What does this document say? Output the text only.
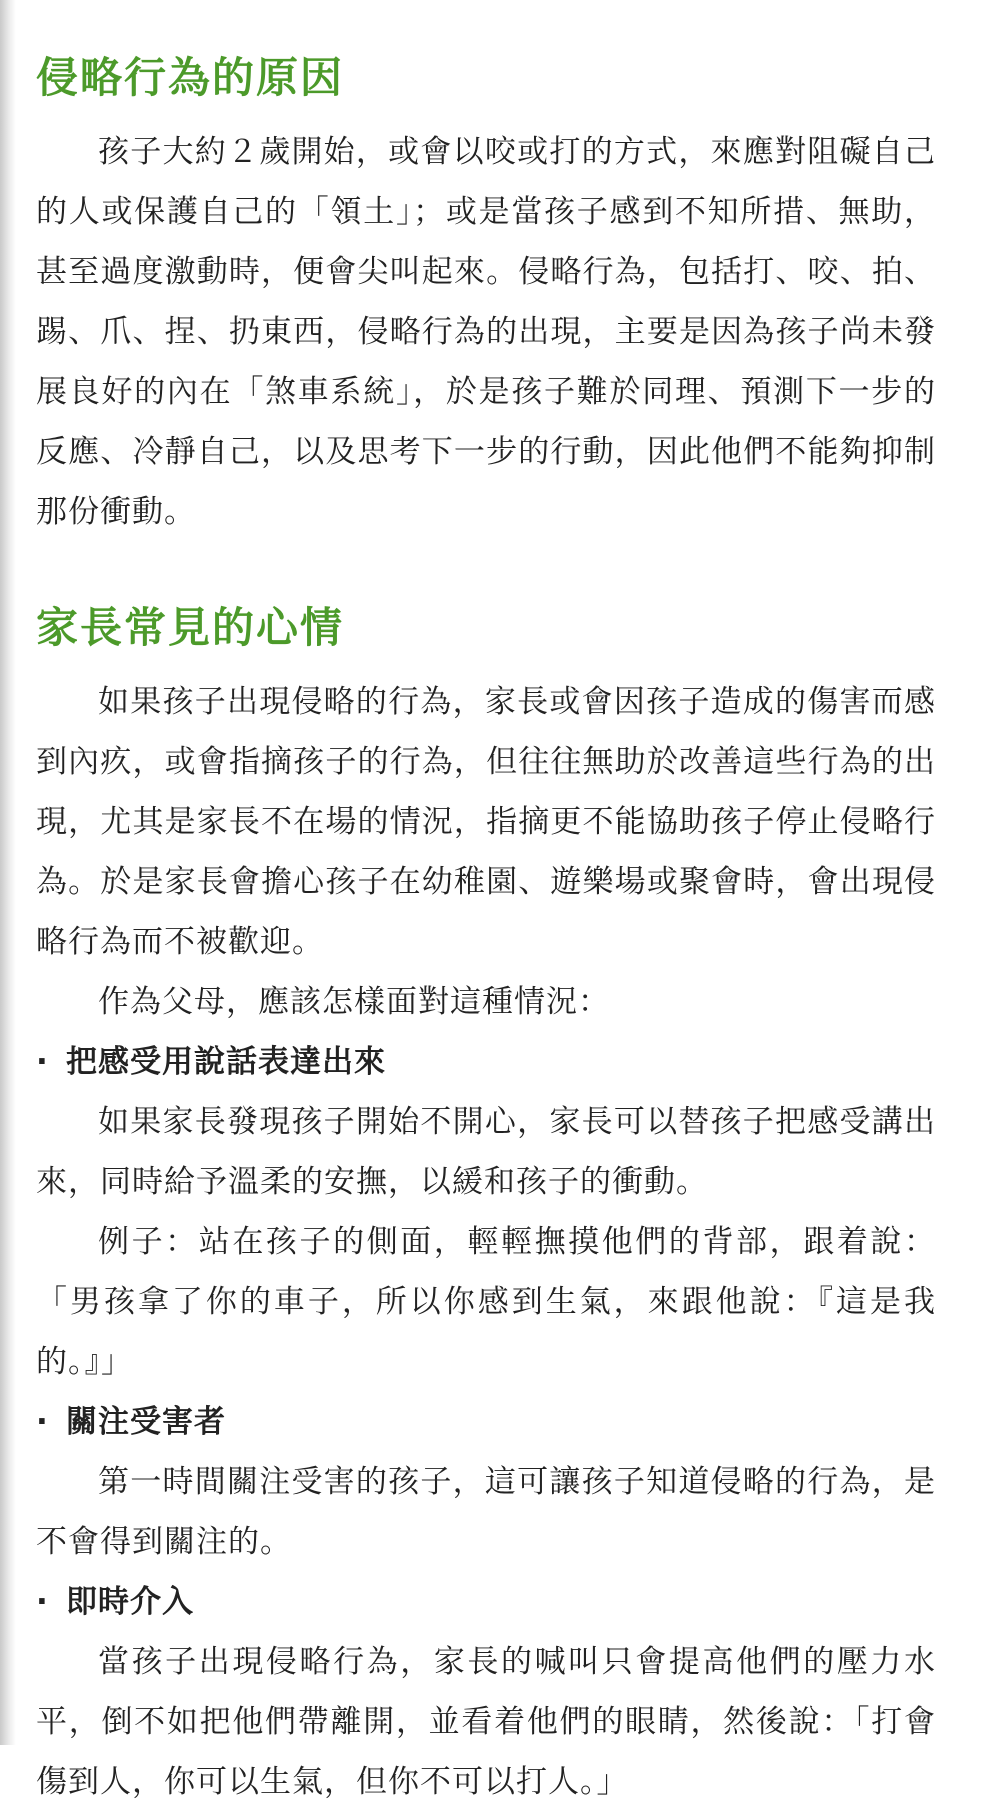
侵略行為的原因

孩子大約２歲開始，或會以咬或打的方式，來應對阻礙自己的人或保護自己的「領土」；或是當孩子感到不知所措、無助，甚至過度激動時，便會尖叫起來。侵略行為，包括打、咬、拍、踢、爪、捏、扔東西，侵略行為的出現，主要是因為孩子尚未發展良好的內在「煞車系統」，於是孩子難於同理、預測下一步的反應、冷靜自己，以及思考下一步的行動，因此他們不能夠抑制那份衝動。

家長常見的心情

如果孩子出現侵略的行為，家長或會因孩子造成的傷害而感到內疚，或會指摘孩子的行為，但往往無助於改善這些行為的出現，尤其是家長不在場的情況，指摘更不能協助孩子停止侵略行為。於是家長會擔心孩子在幼稚園、遊樂場或聚會時，會出現侵略行為而不被歡迎。

作為父母，應該怎樣面對這種情況：

· 把感受用說話表達出來

如果家長發現孩子開始不開心，家長可以替孩子把感受講出來，同時給予溫柔的安撫，以緩和孩子的衝動。

例子：站在孩子的側面，輕輕撫摸他們的背部，跟着說：「男孩拿了你的車子，所以你感到生氣，來跟他說：『這是我的。』」

· 關注受害者

第一時間關注受害的孩子，這可讓孩子知道侵略的行為，是不會得到關注的。

· 即時介入

當孩子出現侵略行為，家長的喊叫只會提高他們的壓力水平，倒不如把他們帶離開，並看着他們的眼睛，然後說：「打會傷到人，你可以生氣，但你不可以打人。」
